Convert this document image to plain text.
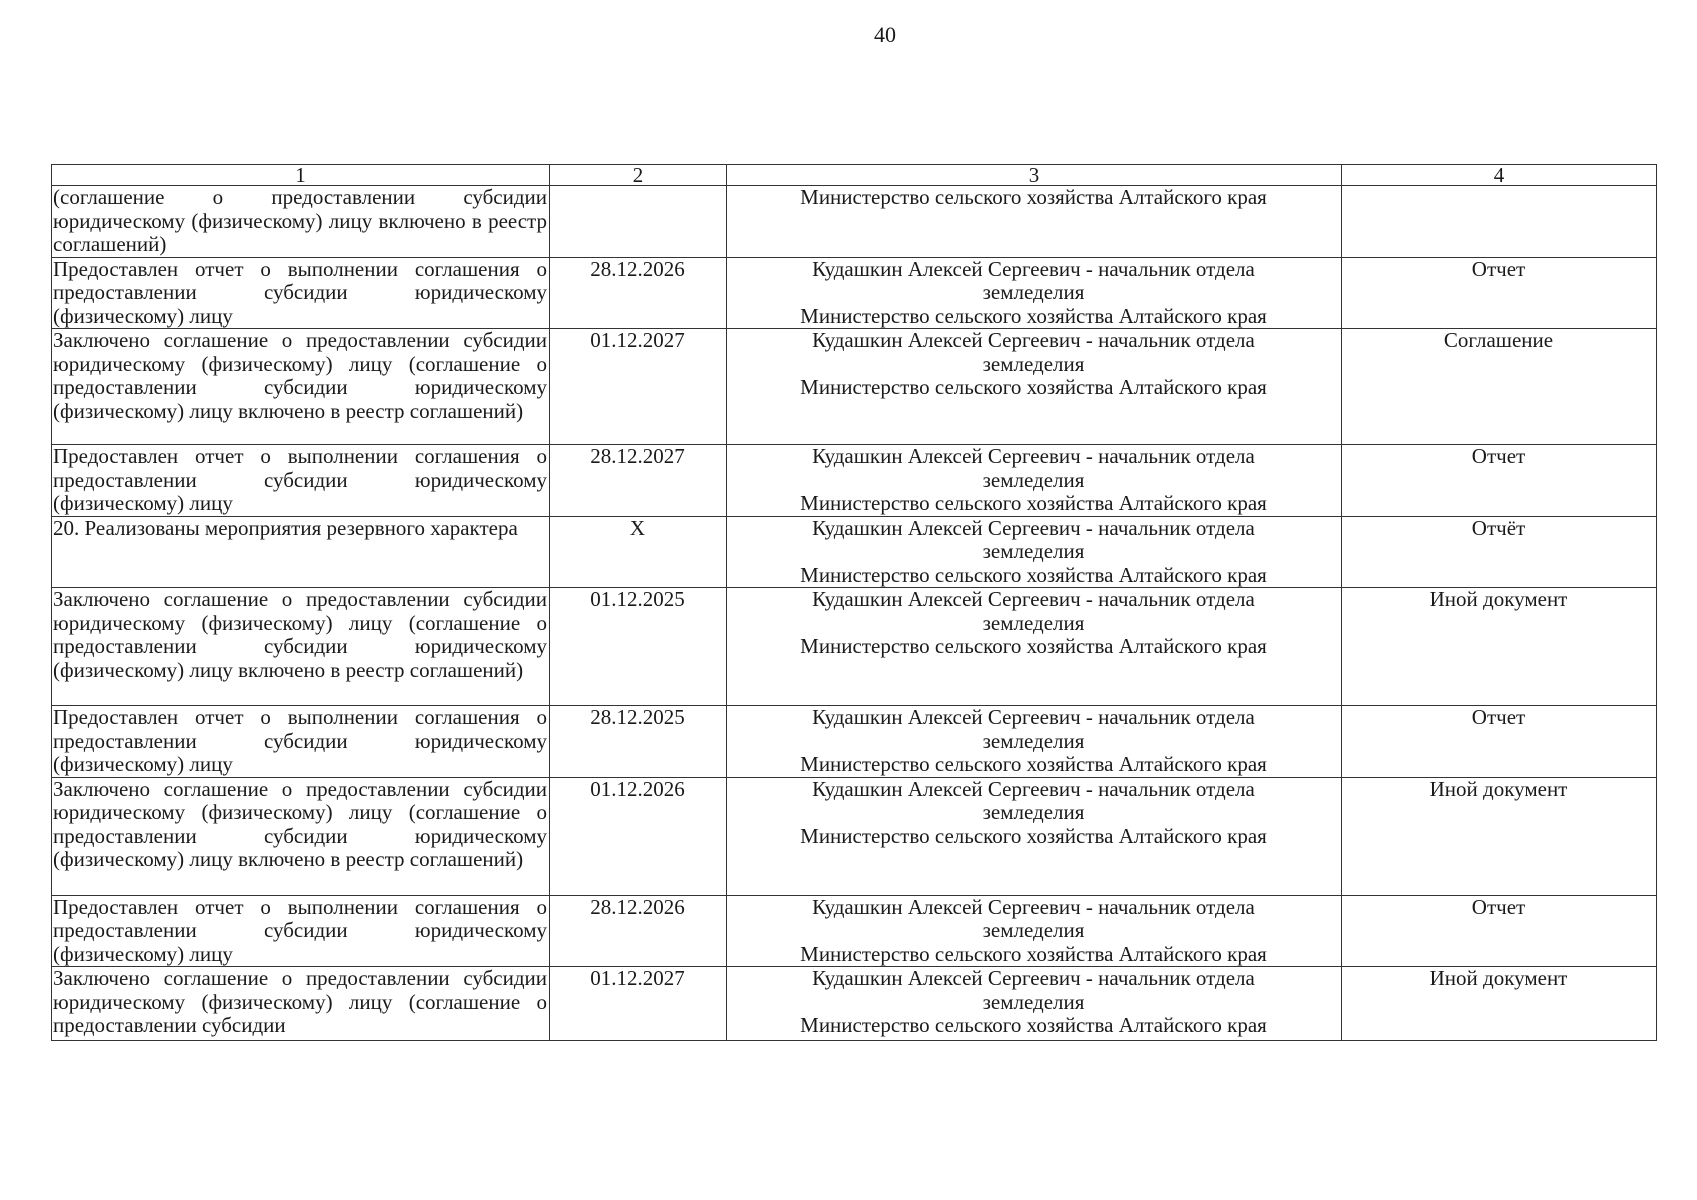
40
1	2	3	4
(соглашение о предоставлении субсидии юридическому (физическому) лицу включено в реестр соглашений)		Министерство сельского хозяйства Алтайского края	

Предоставлен отчет о выполнении соглашения о предоставлении субсидии юридическому (физическому) лицу	28.12.2026	Кудашкин Алексей Сергеевич - начальник отдела
земледелия
Министерство сельского хозяйства Алтайского края	Отчет
Заключено соглашение о предоставлении субсидии юридическому (физическому) лицу (соглашение о предоставлении субсидии юридическому (физическому) лицу включено в реестр соглашений)	01.12.2027	Кудашкин Алексей Сергеевич - начальник отдела
земледелия
Министерство сельского хозяйства Алтайского края	Соглашение
Предоставлен отчет о выполнении соглашения о предоставлении субсидии юридическому (физическому) лицу	28.12.2027	Кудашкин Алексей Сергеевич - начальник отдела
земледелия
Министерство сельского хозяйства Алтайского края	Отчет
20. Реализованы мероприятия резервного характера	X	Кудашкин Алексей Сергеевич - начальник отдела
земледелия
Министерство сельского хозяйства Алтайского края	Отчёт
Заключено соглашение о предоставлении субсидии юридическому (физическому) лицу (соглашение о предоставлении субсидии юридическому (физическому) лицу включено в реестр соглашений)	01.12.2025	Кудашкин Алексей Сергеевич - начальник отдела
земледелия
Министерство сельского хозяйства Алтайского края	Иной документ
Предоставлен отчет о выполнении соглашения о предоставлении субсидии юридическому (физическому) лицу	28.12.2025	Кудашкин Алексей Сергеевич - начальник отдела
земледелия
Министерство сельского хозяйства Алтайского края	Отчет
Заключено соглашение о предоставлении субсидии юридическому (физическому) лицу (соглашение о предоставлении субсидии юридическому (физическому) лицу включено в реестр соглашений)	01.12.2026	Кудашкин Алексей Сергеевич - начальник отдела
земледелия
Министерство сельского хозяйства Алтайского края	Иной документ
Предоставлен отчет о выполнении соглашения о предоставлении субсидии юридическому (физическому) лицу	28.12.2026	Кудашкин Алексей Сергеевич - начальник отдела
земледелия
Министерство сельского хозяйства Алтайского края	Отчет
Заключено соглашение о предоставлении субсидии юридическому (физическому) лицу (соглашение о предоставлении субсидии	01.12.2027	Кудашкин Алексей Сергеевич - начальник отдела
земледелия
Министерство сельского хозяйства Алтайского края	Иной документ
